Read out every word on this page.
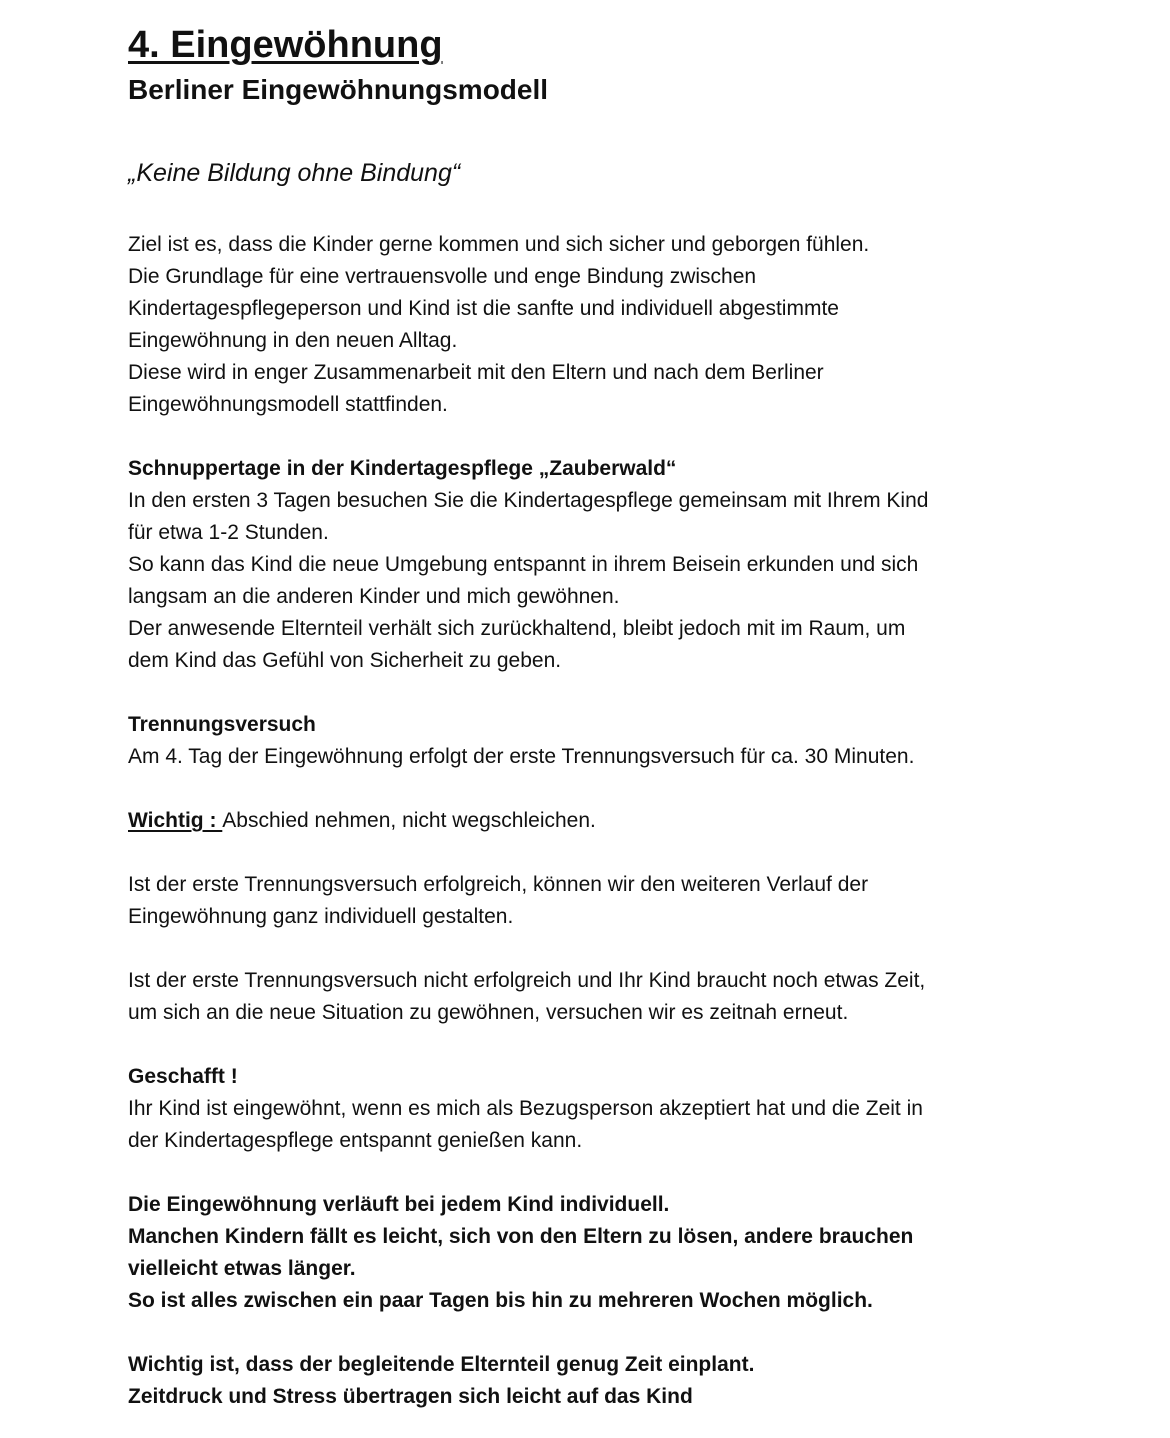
4. Eingewöhnung
Berliner Eingewöhnungsmodell

„Keine Bildung ohne Bindung“

Ziel ist es, dass die Kinder gerne kommen und sich sicher und geborgen fühlen.

Die Grundlage für eine vertrauensvolle und enge Bindung zwischen

Kindertagespflegeperson und Kind ist die sanfte und individuell abgestimmte

Eingewöhnung in den neuen Alltag.

Diese wird in enger Zusammenarbeit mit den Eltern und nach dem Berliner

Eingewöhnungsmodell stattfinden.

Schnuppertage in der Kindertagespflege „Zauberwald“

In den ersten 3 Tagen besuchen Sie die Kindertagespflege gemeinsam mit Ihrem Kind

für etwa 1-2 Stunden.

So kann das Kind die neue Umgebung entspannt in ihrem Beisein erkunden und sich

langsam an die anderen Kinder und mich gewöhnen.

Der anwesende Elternteil verhält sich zurückhaltend, bleibt jedoch mit im Raum, um

dem Kind das Gefühl von Sicherheit zu geben.

Trennungsversuch

Am 4. Tag der Eingewöhnung erfolgt der erste Trennungsversuch für ca. 30 Minuten.

Wichtig : Abschied nehmen, nicht wegschleichen.

Ist der erste Trennungsversuch erfolgreich, können wir den weiteren Verlauf der

Eingewöhnung ganz individuell gestalten.

Ist der erste Trennungsversuch nicht erfolgreich und Ihr Kind braucht noch etwas Zeit,

um sich an die neue Situation zu gewöhnen, versuchen wir es zeitnah erneut.

Geschafft !

Ihr Kind ist eingewöhnt, wenn es mich als Bezugsperson akzeptiert hat und die Zeit in

der Kindertagespflege entspannt genießen kann.

Die Eingewöhnung verläuft bei jedem Kind individuell.

Manchen Kindern fällt es leicht, sich von den Eltern zu lösen, andere brauchen

vielleicht etwas länger.

So ist alles zwischen ein paar Tagen bis hin zu mehreren Wochen möglich.

Wichtig ist, dass der begleitende Elternteil genug Zeit einplant.

Zeitdruck und Stress übertragen sich leicht auf das Kind
